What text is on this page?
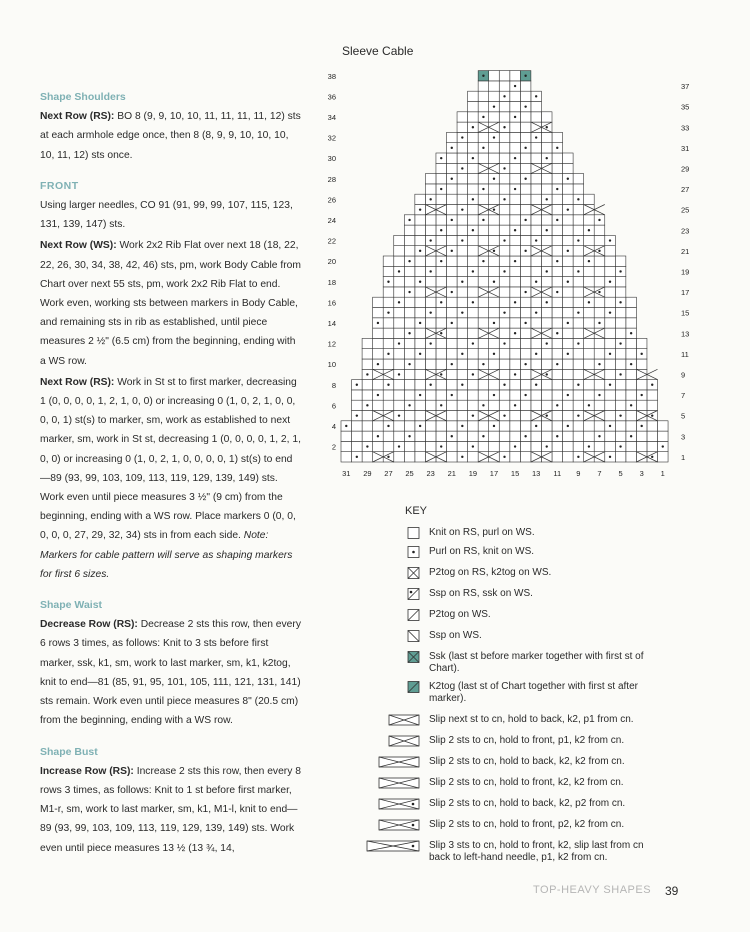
Shape Shoulders

Next Row (RS): BO 8 (9, 9, 10, 10, 11, 11, 11, 11, 12) sts at each armhole edge once, then 8 (8, 9, 9, 10, 10, 10, 10, 11, 12) sts once.

FRONT

Using larger needles, CO 91 (91, 99, 99, 107, 115, 123, 131, 139, 147) sts.

Next Row (WS): Work 2x2 Rib Flat over next 18 (18, 22, 22, 26, 30, 34, 38, 42, 46) sts, pm, work Body Cable from Chart over next 55 sts, pm, work 2x2 Rib Flat to end. Work even, working sts between markers in Body Cable, and remaining sts in rib as established, until piece measures 2 ½" (6.5 cm) from the beginning, ending with a WS row.

Next Row (RS): Work in St st to first marker, decreasing 1 (0, 0, 0, 0, 1, 2, 1, 0, 0) or increasing 0 (1, 0, 2, 1, 0, 0, 0, 0, 1) st(s) to marker, sm, work as established to next marker, sm, work in St st, decreasing 1 (0, 0, 0, 0, 1, 2, 1, 0, 0) or increasing 0 (1, 0, 2, 1, 0, 0, 0, 0, 1) st(s) to end—89 (93, 99, 103, 109, 113, 119, 129, 139, 149) sts. Work even until piece measures 3 ½" (9 cm) from the beginning, ending with a WS row. Place markers 0 (0, 0, 0, 0, 0, 27, 29, 32, 34) sts in from each side. Note: Markers for cable pattern will serve as shaping markers for first 6 sizes.

Shape Waist

Decrease Row (RS): Decrease 2 sts this row, then every 6 rows 3 times, as follows: Knit to 3 sts before first marker, ssk, k1, sm, work to last marker, sm, k1, k2tog, knit to end—81 (85, 91, 95, 101, 105, 111, 121, 131, 141) sts remain. Work even until piece measures 8" (20.5 cm) from the beginning, ending with a WS row.

Shape Bust

Increase Row (RS): Increase 2 sts this row, then every 8 rows 3 times, as follows: Knit to 1 st before first marker, M1-r, sm, work to last marker, sm, k1, M1-l, knit to end—89 (93, 99, 103, 109, 113, 119, 129, 139, 149) sts. Work even until piece measures 13 ½ (13 ¾, 14,

Sleeve Cable
38
36
34
32
30
28
26
24
22
20
18
16
14
12
10
8
6
4
2
37
35
33
31
29
27
25
23
21
19
17
15
13
11
9
7
5
3
1
31 29 27 25 23 21 19 17 15 13 11 9 7 5 3 1
KEY
Knit on RS, purl on WS.
Purl on RS, knit on WS.
P2tog on RS, k2tog on WS.
Ssp on RS, ssk on WS.
P2tog on WS.
Ssp on WS.
Ssk (last st before marker together with first st of Chart).
K2tog (last st of Chart together with first st after marker).
Slip next st to cn, hold to back, k2, p1 from cn.
Slip 2 sts to cn, hold to front, p1, k2 from cn.
Slip 2 sts to cn, hold to back, k2, k2 from cn.
Slip 2 sts to cn, hold to front, k2, k2 from cn.
Slip 2 sts to cn, hold to back, k2, p2 from cn.
Slip 2 sts to cn, hold to front, p2, k2 from cn.
Slip 3 sts to cn, hold to front, k2, slip last from cn back to left-hand needle, p1, k2 from cn.
TOP-HEAVY SHAPES 39
